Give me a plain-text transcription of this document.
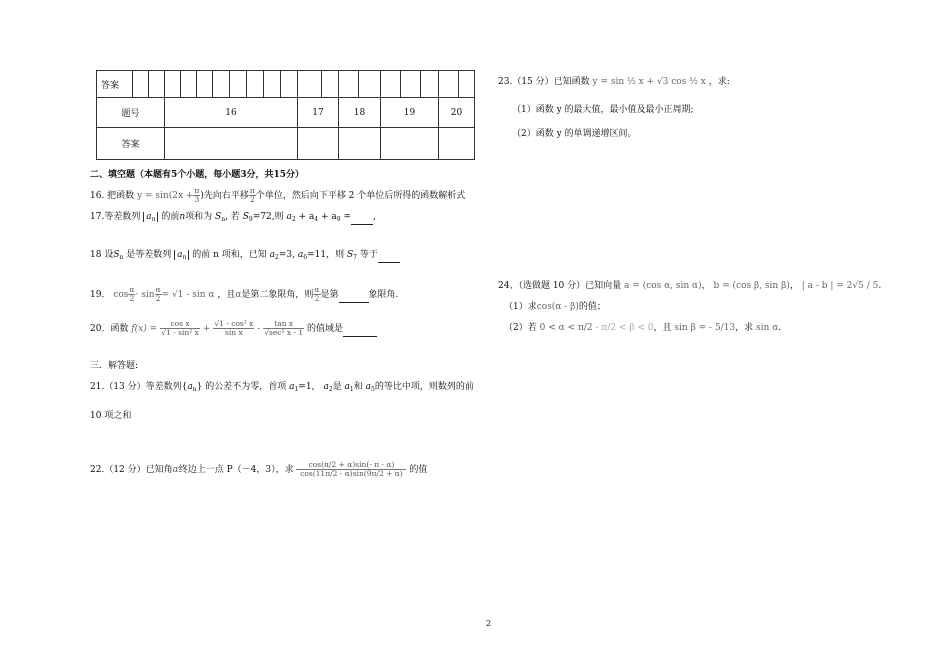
答案																			
题号			16								17		18		19			20	
答案																			
二、填空题（本题有5个小题，每小题3分，共15分）
16. 把函数 $y = \sin(2x + \frac{\pi}{3}$ )先向右平移 $\frac{\pi}{2}$ 个单位，然后向下平移 2 个单位后所得的函数解析式
17.等差数列 $a_n$ 的前n项和为 $S_n$, 若 $S_9=72$,则 $a_2 + a_4 + a_9$ = ,
18 设$S_n$ 是等差数列 $a_n$ 的前 n 项和，已知 $a_2=3$, $a_6=11$，则 $S_7$ 等于
19． $\cos \frac{\alpha}{2} \cdot \sin \frac{\alpha}{2} = √1 - \sin \alpha$ ，且α是第二象限角，则 $\frac{\alpha}{2}$ 是第	象限角.
20．函数 $f(x) = \frac{\text{cos x}}{\text{√1 - sin² x}} + \frac{\text{√1 - cos² x}}{\text{sin x}} - \frac{\text{tan x}}{\text{√sec² x - 1}}$ 的值域是
三．解答题:
21.（13 分）等差数列$\{a_n\}$ 的公差不为零，首项 $a_1=1$， $a_2$是 $a_1$和 $a_5$的等比中项，则数列的前
10 项之和
22.（12 分）已知角α终边上一点 P（－4，3），求 $\frac{\cos(\pi/2 + \alpha)\sin(- \pi - \alpha)}{\cos(11\pi/2 - \alpha)\sin(9\pi/2 + \alpha)}$ 的值
23.（15 分）已知函数 y = sin ½ x + √3 cos ½ x ，求:
（1）函数 y 的最大值，最小值及最小正周期;
（2）函数 y 的单调递增区间。
24、（选做题 10 分）已知向量 a = (cos α, sin α)， b = (cos β, sin β)， | a - b | = 2√5 / 5.
（1）求cos(α - β)的值；
（2）若 0 < α < π/2 - π/2 < β < 0，且 sin β = - 5/13，求 sin α.
2
